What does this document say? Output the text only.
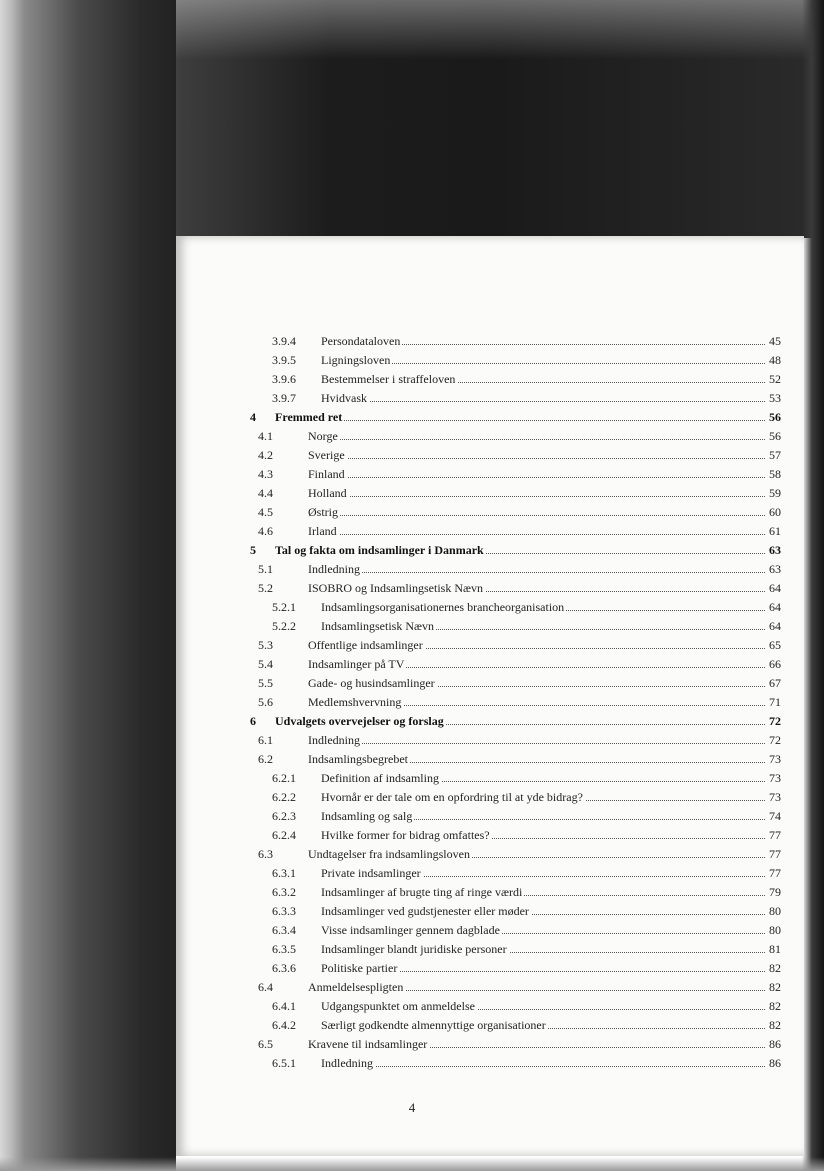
3.9.4 Persondataloven	45
3.9.5 Ligningsloven	48
3.9.6 Bestemmelser i straffeloven	52
3.9.7 Hvidvask	53
4 Fremmed ret	56
4.1	Norge	56
4.2	Sverige	57
4.3	Finland	58
4.4	Holland	59
4.5	Østrig	60
4.6	Irland	61
5 Tal og fakta om indsamlinger i Danmark	63
5.1	Indledning	63
5.2	ISOBRO og Indsamlingsetisk Nævn	64
5.2.1 Indsamlingsorganisationernes brancheorganisation	64
5.2.2 Indsamlingsetisk Nævn	64
5.3	Offentlige indsamlinger	65
5.4	Indsamlinger på TV	66
5.5	Gade- og husindsamlinger	67
5.6	Medlemshvervning	71
6 Udvalgets overvejelser og forslag	72
6.1	Indledning	72
6.2	Indsamlingsbegrebet	73
6.2.1 Definition af indsamling	73
6.2.2 Hvornår er der tale om en opfordring til at yde bidrag?	73
6.2.3 Indsamling og salg	74
6.2.4 Hvilke former for bidrag omfattes?	77
6.3	Undtagelser fra indsamlingsloven	77
6.3.1 Private indsamlinger	77
6.3.2 Indsamlinger af brugte ting af ringe værdi	79
6.3.3 Indsamlinger ved gudstjenester eller møder	80
6.3.4 Visse indsamlinger gennem dagblade	80
6.3.5 Indsamlinger blandt juridiske personer	81
6.3.6 Politiske partier	82
6.4	Anmeldelsespligten	82
6.4.1 Udgangspunktet om anmeldelse	82
6.4.2 Særligt godkendte almennyttige organisationer	82
6.5	Kravene til indsamlinger	86
6.5.1 Indledning	86
4
